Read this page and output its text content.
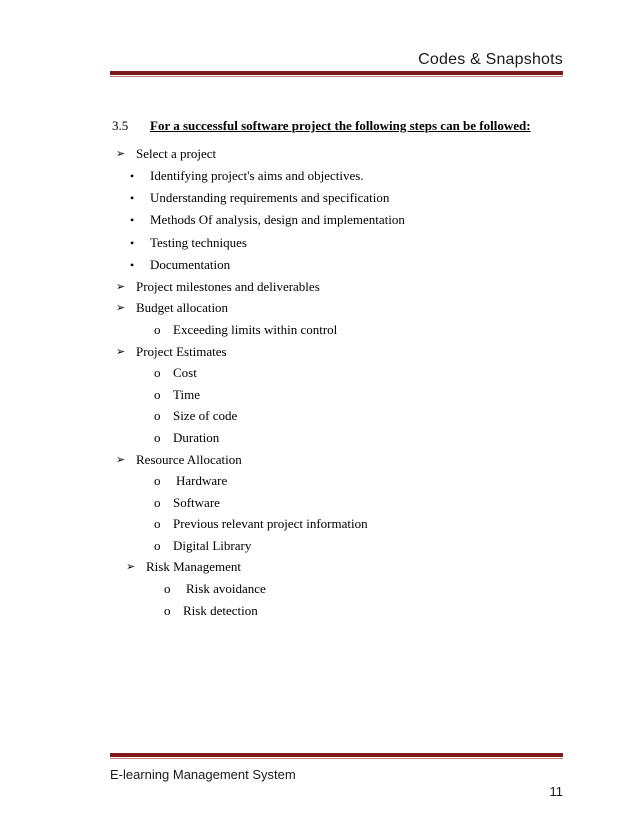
Codes & Snapshots
3.5 For a successful software project the following steps can be followed:
➢ Select a project
• Identifying project's aims and objectives.
• Understanding requirements and specification
• Methods Of analysis, design and implementation
• Testing techniques
• Documentation
➢ Project milestones and deliverables
➢ Budget allocation
o Exceeding limits within control
➢ Project Estimates
o Cost
o Time
o Size of code
o Duration
➢ Resource Allocation
o Hardware
o Software
o Previous relevant project information
o Digital Library
➢ Risk Management
o Risk avoidance
o Risk detection
E-learning Management System
11
